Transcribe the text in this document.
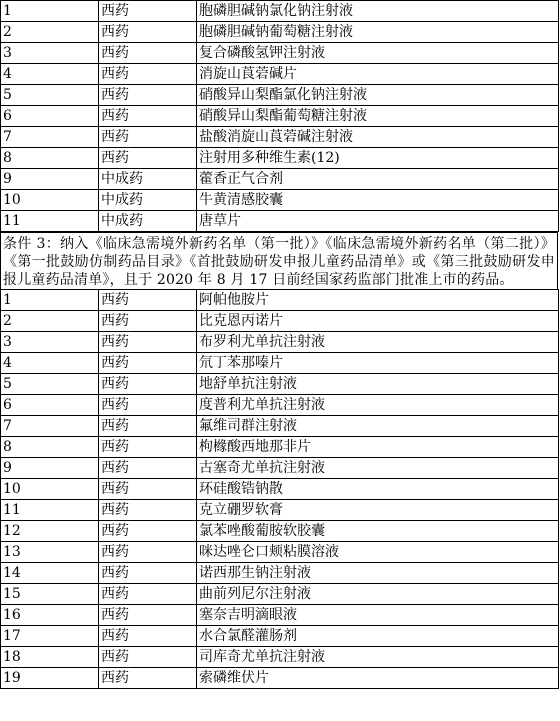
1	西药	胞磷胆碱钠氯化钠注射液
2	西药	胞磷胆碱钠葡萄糖注射液
3	西药	复合磷酸氢钾注射液
4	西药	消旋山莨菪碱片
5	西药	硝酸异山梨酯氯化钠注射液
6	西药	硝酸异山梨酯葡萄糖注射液
7	西药	盐酸消旋山莨菪碱注射液
8	西药	注射用多种维生素(12)
9	中成药	藿香正气合剂
10	中成药	牛黄清感胶囊
11	中成药	唐草片
条件 3：纳入《临床急需境外新药名单（第一批）》《临床急需境外新药名单（第二批）》《第一批鼓励仿制药品目录》《首批鼓励研发申报儿童药品清单》或《第三批鼓励研发申报儿童药品清单》，且于 2020 年 8 月 17 日前经国家药监部门批准上市的药品。
1	西药	阿帕他胺片
2	西药	比克恩丙诺片
3	西药	布罗利尤单抗注射液
4	西药	氘丁苯那嗪片
5	西药	地舒单抗注射液
6	西药	度普利尤单抗注射液
7	西药	氟维司群注射液
8	西药	枸橼酸西地那非片
9	西药	古塞奇尤单抗注射液
10	西药	环硅酸锆钠散
11	西药	克立硼罗软膏
12	西药	氯苯唑酸葡胺软胶囊
13	西药	咪达唑仑口颊粘膜溶液
14	西药	诺西那生钠注射液
15	西药	曲前列尼尔注射液
16	西药	塞奈吉明滴眼液
17	西药	水合氯醛灌肠剂
18	西药	司库奇尤单抗注射液
19	西药	索磷维伏片
